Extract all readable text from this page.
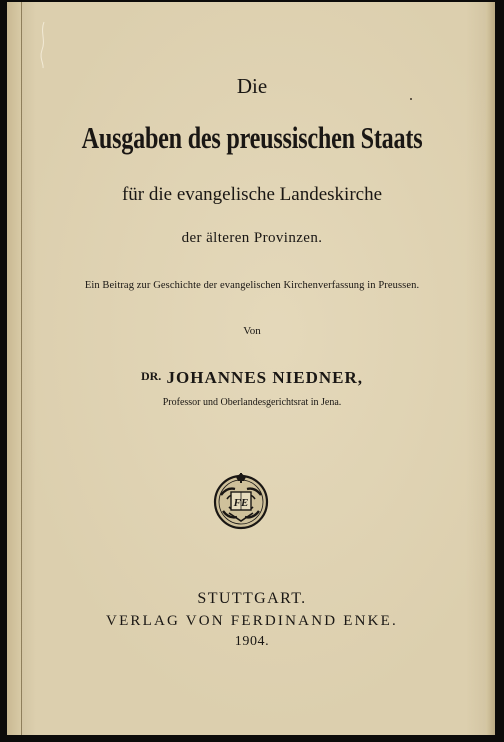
Die
Ausgaben des preussischen Staats
für die evangelische Landeskirche
der älteren Provinzen.
Ein Beitrag zur Geschichte der evangelischen Kirchenverfassung in Preussen.
Von
DR. JOHANNES NIEDNER,
Professor und Oberlandesgerichtsrat in Jena.
FE
STUTTGART.
VERLAG VON FERDINAND ENKE.
1904.
